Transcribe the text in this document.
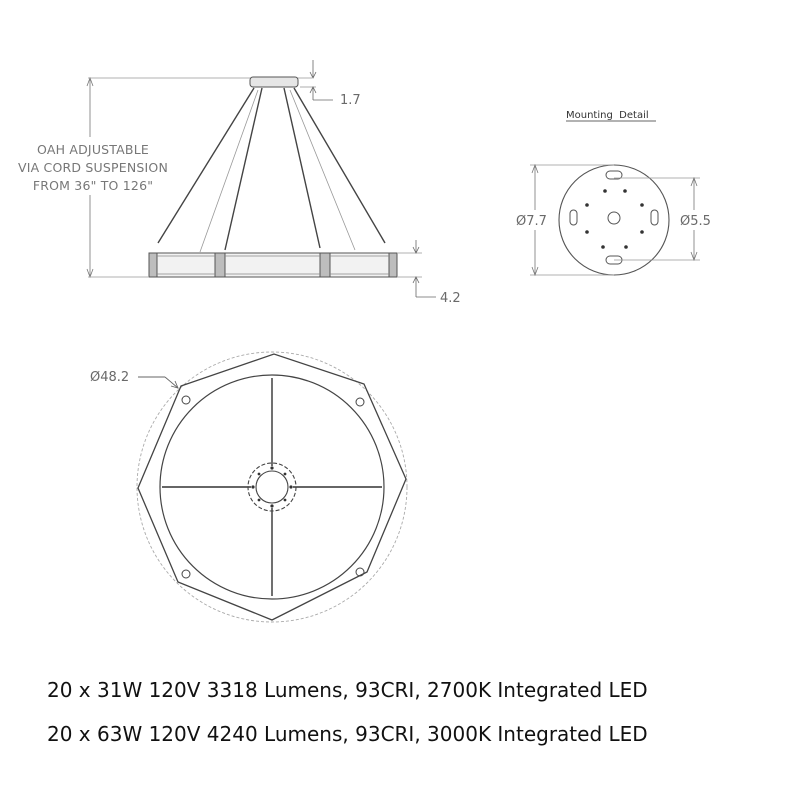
1.7
OAH ADJUSTABLE
VIA CORD SUSPENSION
FROM 36" TO 126"
4.2
Mounting  Detail
Ø7.7	Ø5.5
Ø48.2
20 x 31W 120V 3318 Lumens, 93CRI, 2700K Integrated LED
20 x 63W 120V 4240 Lumens, 93CRI, 3000K Integrated LED
